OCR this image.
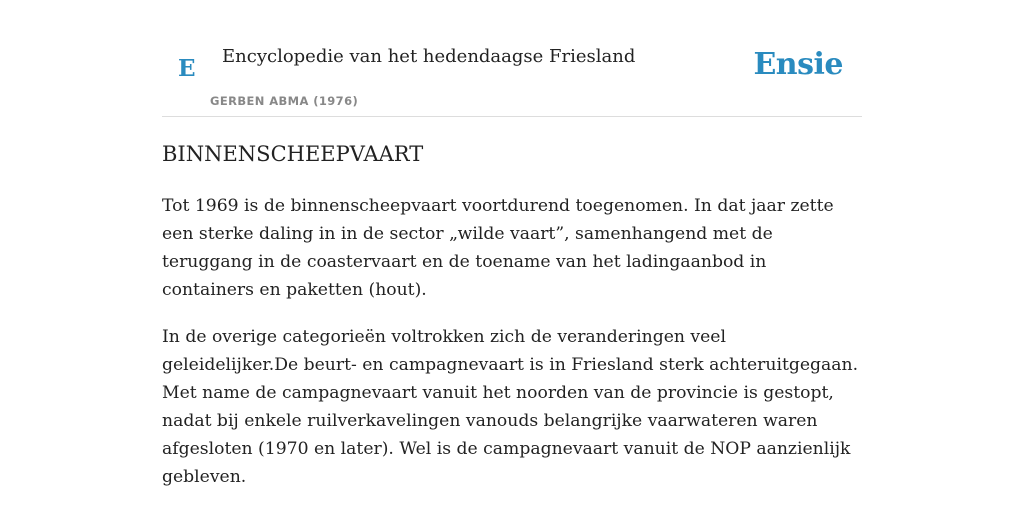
E Encyclopedie van het hedendaagse Friesland
GERBEN ABMA (1976)
Ensie
BINNENSCHEEPVAART

Tot 1969 is de binnenscheepvaart voortdurend toegenomen. In dat jaar zette een sterke daling in in de sector „wilde vaart”, samenhangend met de teruggang in de coastervaart en de toename van het ladingaanbod in containers en paketten (hout).

In de overige categorieën voltrokken zich de veranderingen veel geleidelijker.De beurt- en campagnevaart is in Friesland sterk achteruitgegaan. Met name de campagnevaart vanuit het noorden van de provincie is gestopt, nadat bij enkele ruilverkavelingen vanouds belangrijke vaarwateren waren afgesloten (1970 en later). Wel is de campagnevaart vanuit de NOP aanzienlijk gebleven.
